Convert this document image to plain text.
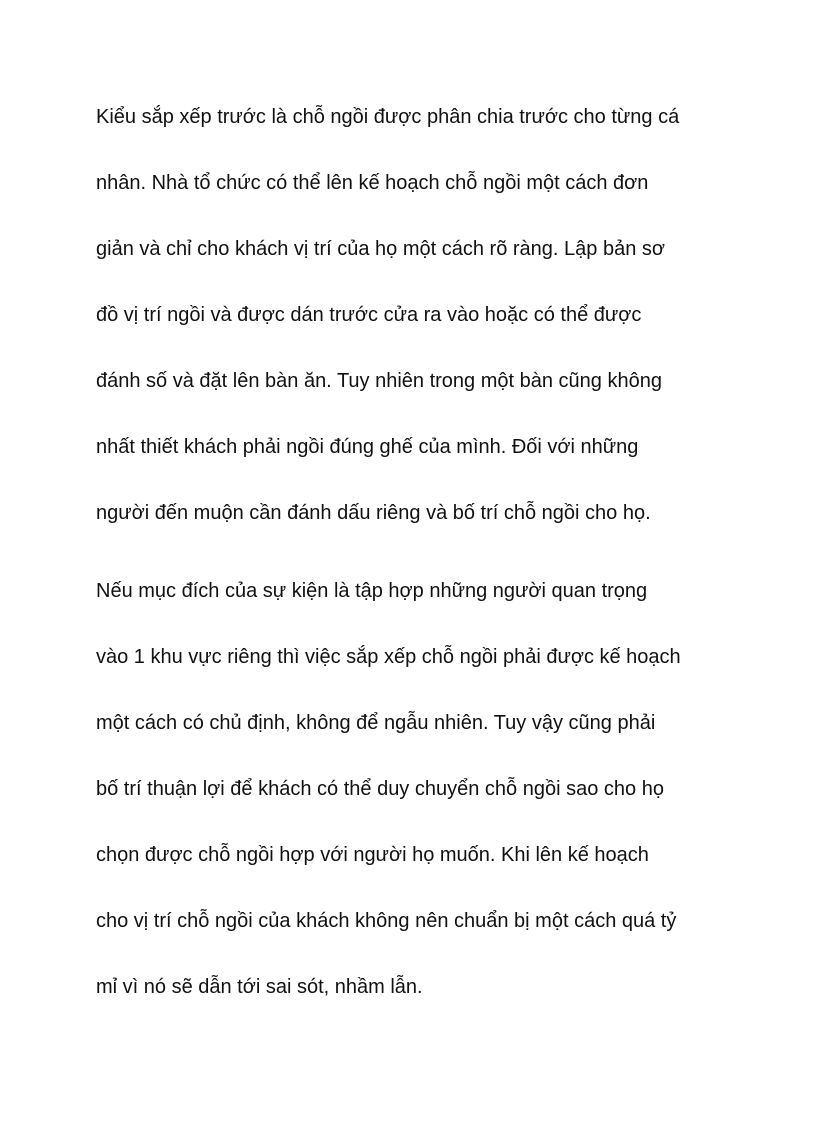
Kiểu sắp xếp trước là chỗ ngồi được phân chia trước cho từng cá
nhân. Nhà tổ chức có thể lên kế hoạch chỗ ngồi một cách đơn
giản và chỉ cho khách vị trí của họ một cách rõ ràng. Lập bản sơ
đồ vị trí ngồi và được dán trước cửa ra vào hoặc có thể được
đánh số và đặt lên bàn ăn. Tuy nhiên trong một bàn cũng không
nhất thiết khách phải ngồi đúng ghế của mình. Đối với những
người đến muộn cần đánh dấu riêng và bố trí chỗ ngồi cho họ.

Nếu mục đích của sự kiện là tập hợp những người quan trọng
vào 1 khu vực riêng thì việc sắp xếp chỗ ngồi phải được kế hoạch
một cách có chủ định, không để ngẫu nhiên. Tuy vậy cũng phải
bố trí thuận lợi để khách có thể duy chuyển chỗ ngồi sao cho họ
chọn được chỗ ngồi hợp với người họ muốn. Khi lên kế hoạch
cho vị trí chỗ ngồi của khách không nên chuẩn bị một cách quá tỷ
mỉ vì nó sẽ dẫn tới sai sót, nhầm lẫn.
